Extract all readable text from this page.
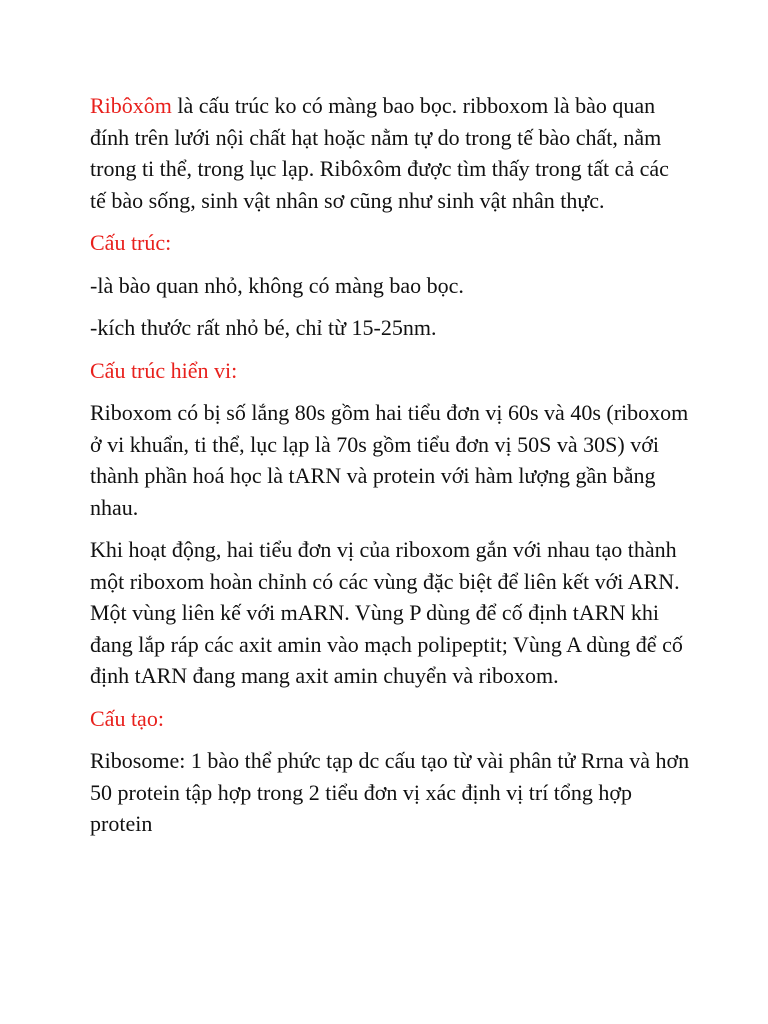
Ribôxôm là cấu trúc ko có màng bao bọc. ribboxom là bào quan đính trên lưới nội chất hạt hoặc nằm tự do trong tế bào chất, nằm trong ti thể, trong lục lạp. Ribôxôm được tìm thấy trong tất cả các tế bào sống, sinh vật nhân sơ cũng như sinh vật nhân thực.

Cấu trúc:

-là bào quan nhỏ, không có màng bao bọc.

-kích thước rất nhỏ bé, chỉ từ 15-25nm.

Cấu trúc hiển vi:

Riboxom có bị số lắng 80s gồm hai tiểu đơn vị 60s và 40s (riboxom ở vi khuẩn, ti thể, lục lạp là 70s gồm tiểu đơn vị 50S và 30S) với thành phần hoá học là tARN và protein với hàm lượng gần bằng nhau.

Khi hoạt động, hai tiểu đơn vị của riboxom gắn với nhau tạo thành một riboxom hoàn chỉnh có các vùng đặc biệt để liên kết với ARN. Một vùng liên kế với mARN. Vùng P dùng để cố định tARN khi đang lắp ráp các axit amin vào mạch polipeptit; Vùng A dùng để cố định tARN đang mang axit amin chuyển và riboxom.

Cấu tạo:

Ribosome: 1 bào thể phức tạp dc cấu tạo từ vài phân tử Rrna và hơn 50 protein tập hợp trong 2 tiểu đơn vị xác định vị trí tổng hợp protein
